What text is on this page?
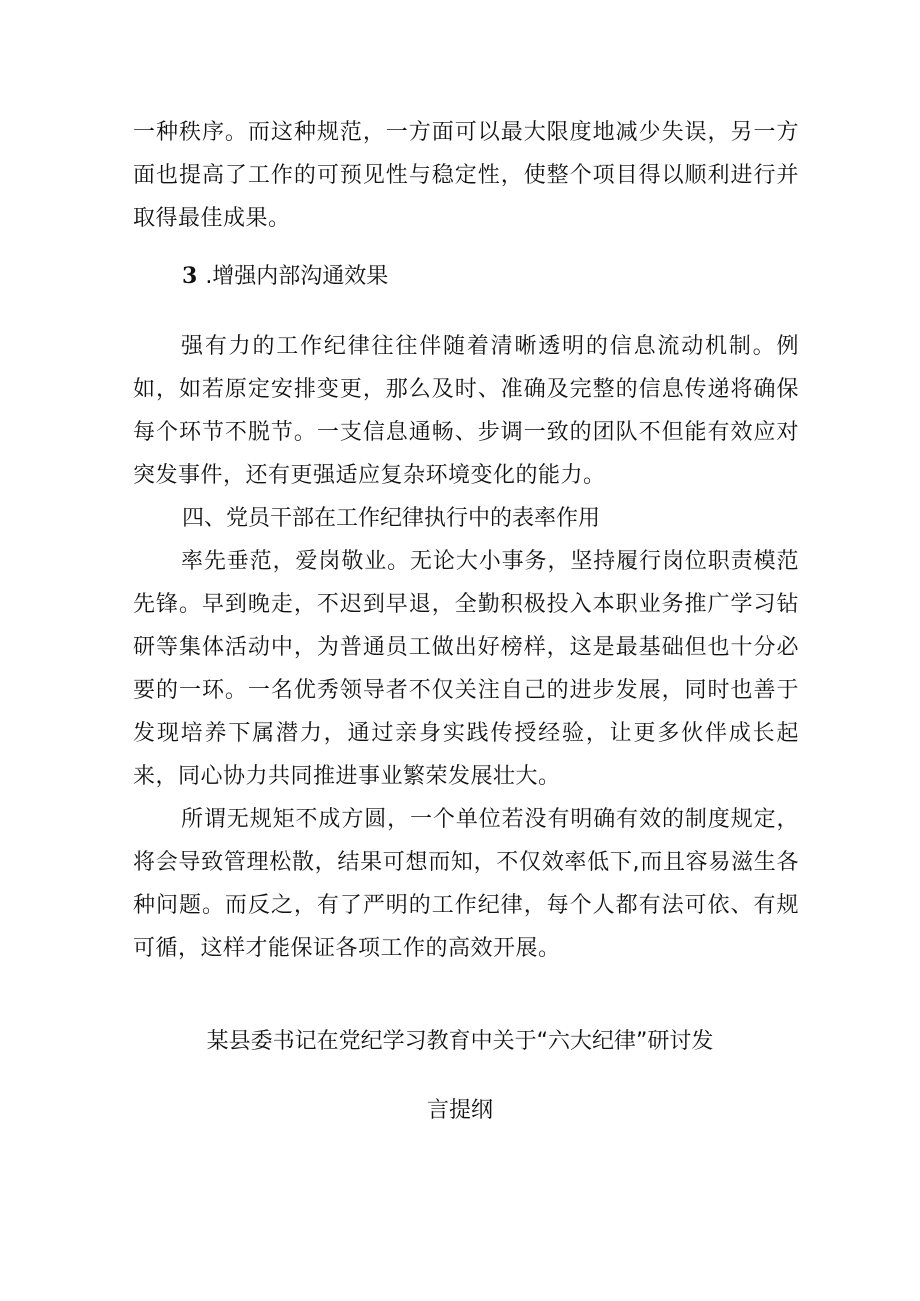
一种秩序。而这种规范，一方面可以最大限度地减少失误，另一方面也提高了工作的可预见性与稳定性，使整个项目得以顺利进行并取得最佳成果。

3 .增强内部沟通效果

强有力的工作纪律往往伴随着清晰透明的信息流动机制。例如，如若原定安排变更，那么及时、准确及完整的信息传递将确保每个环节不脱节。一支信息通畅、步调一致的团队不但能有效应对突发事件，还有更强适应复杂环境变化的能力。

四、党员干部在工作纪律执行中的表率作用

率先垂范，爱岗敬业。无论大小事务，坚持履行岗位职责模范先锋。早到晚走，不迟到早退，全勤积极投入本职业务推广学习钻研等集体活动中，为普通员工做出好榜样，这是最基础但也十分必要的一环。一名优秀领导者不仅关注自己的进步发展，同时也善于发现培养下属潜力，通过亲身实践传授经验，让更多伙伴成长起来，同心协力共同推进事业繁荣发展壮大。

所谓无规矩不成方圆，一个单位若没有明确有效的制度规定，将会导致管理松散，结果可想而知，不仅效率低下,而且容易滋生各种问题。而反之，有了严明的工作纪律，每个人都有法可依、有规可循，这样才能保证各项工作的高效开展。

某县委书记在党纪学习教育中关于“六大纪律”研讨发

言提纲
